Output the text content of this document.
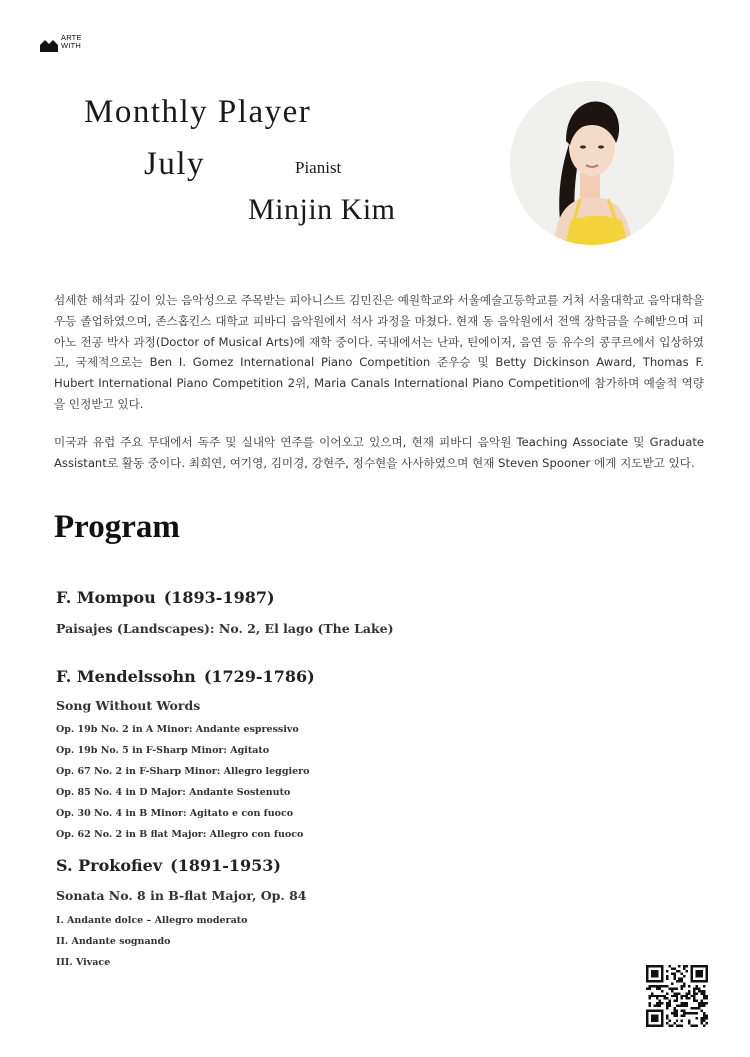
ARTE
WITH
Monthly Player
July	Pianist
Minjin Kim

섬세한 해석과 깊이 있는 음악성으로 주목받는 피아니스트 김민진은 예원학교와 서울예술고등학교를 거쳐 서울대학교 음악대학을 우등 졸업하였으며, 존스홉킨스 대학교 피바디 음악원에서 석사 과정을 마쳤다. 현재 동 음악원에서 전액 장학금을 수혜받으며 피아노 전공 박사 과정(Doctor of Musical Arts)에 재학 중이다. 국내에서는 난파, 틴에이저, 음연 등 유수의 콩쿠르에서 입상하였고, 국제적으로는 Ben I. Gomez International Piano Competition 준우승 및 Betty Dickinson Award, Thomas F. Hubert International Piano Competition 2위, Maria Canals International Piano Competition에 참가하며 예술적 역량을 인정받고 있다.

미국과 유럽 주요 무대에서 독주 및 실내악 연주를 이어오고 있으며, 현재 피바디 음악원 Teaching Associate 및 Graduate Assistant로 활동 중이다. 최희연, 여기영, 김미경, 강현주, 정수현을 사사하였으며 현재 Steven Spooner 에게 지도받고 있다.

Program
F. Mompou (1893-1987)
Paisajes (Landscapes): No. 2, El lago (The Lake)
F. Mendelssohn (1729-1786)
Song Without Words
Op. 19b No. 2 in A Minor: Andante espressivo
Op. 19b No. 5 in F-Sharp Minor: Agitato
Op. 67 No. 2 in F-Sharp Minor: Allegro leggiero
Op. 85 No. 4 in D Major: Andante Sostenuto
Op. 30 No. 4 in B Minor: Agitato e con fuoco
Op. 62 No. 2 in B flat Major: Allegro con fuoco
S. Prokofiev (1891-1953)
Sonata No. 8 in B-flat Major, Op. 84
I. Andante dolce – Allegro moderato
II. Andante sognando
III. Vivace
